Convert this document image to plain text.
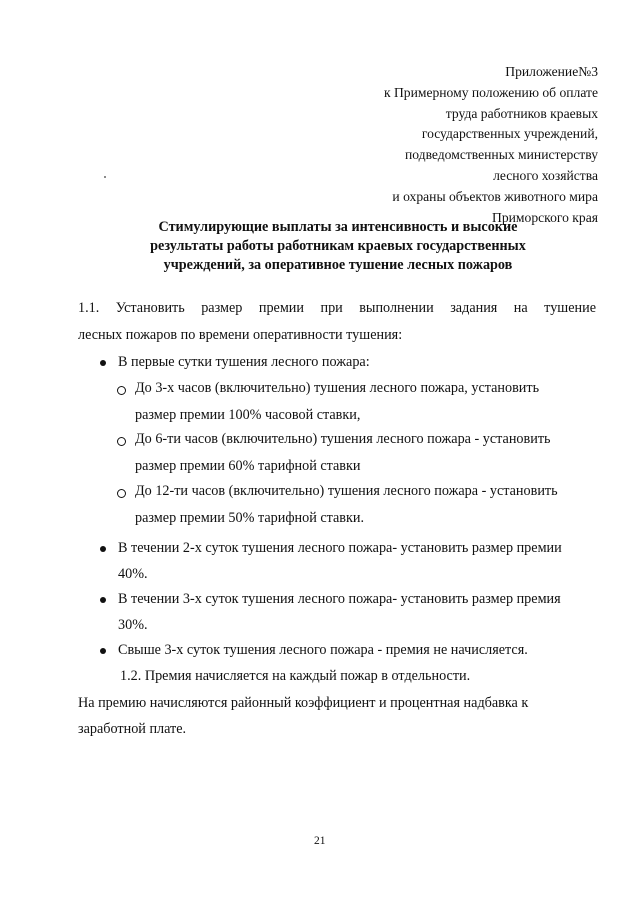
Приложение№3
к Примерному положению об оплате
труда работников краевых
государственных учреждений,
подведомственных министерству
лесного хозяйства
и охраны объектов животного мира
Приморского края
Стимулирующие выплаты за интенсивность и высокие
результаты работы работникам краевых государственных
учреждений, за оперативное тушение лесных пожаров
1.1. Установить размер премии при выполнении задания на тушение
лесных пожаров по времени оперативности тушения:
В первые сутки тушения лесного пожара:
До 3-х часов (включительно) тушения лесного пожара, установить
размер премии 100% часовой ставки,
До 6-ти часов (включительно) тушения лесного пожара - установить
размер премии 60% тарифной ставки
До 12-ти часов (включительно) тушения лесного пожара - установить
размер премии 50% тарифной ставки.
В течении 2-х суток тушения лесного пожара- установить размер премии
40%.
В течении 3-х суток тушения лесного пожара- установить размер премия
30%.
Свыше 3-х суток тушения лесного пожара - премия не начисляется.
1.2. Премия начисляется на каждый пожар в отдельности.
На премию начисляются районный коэффициент и процентная надбавка к
заработной плате.
21
